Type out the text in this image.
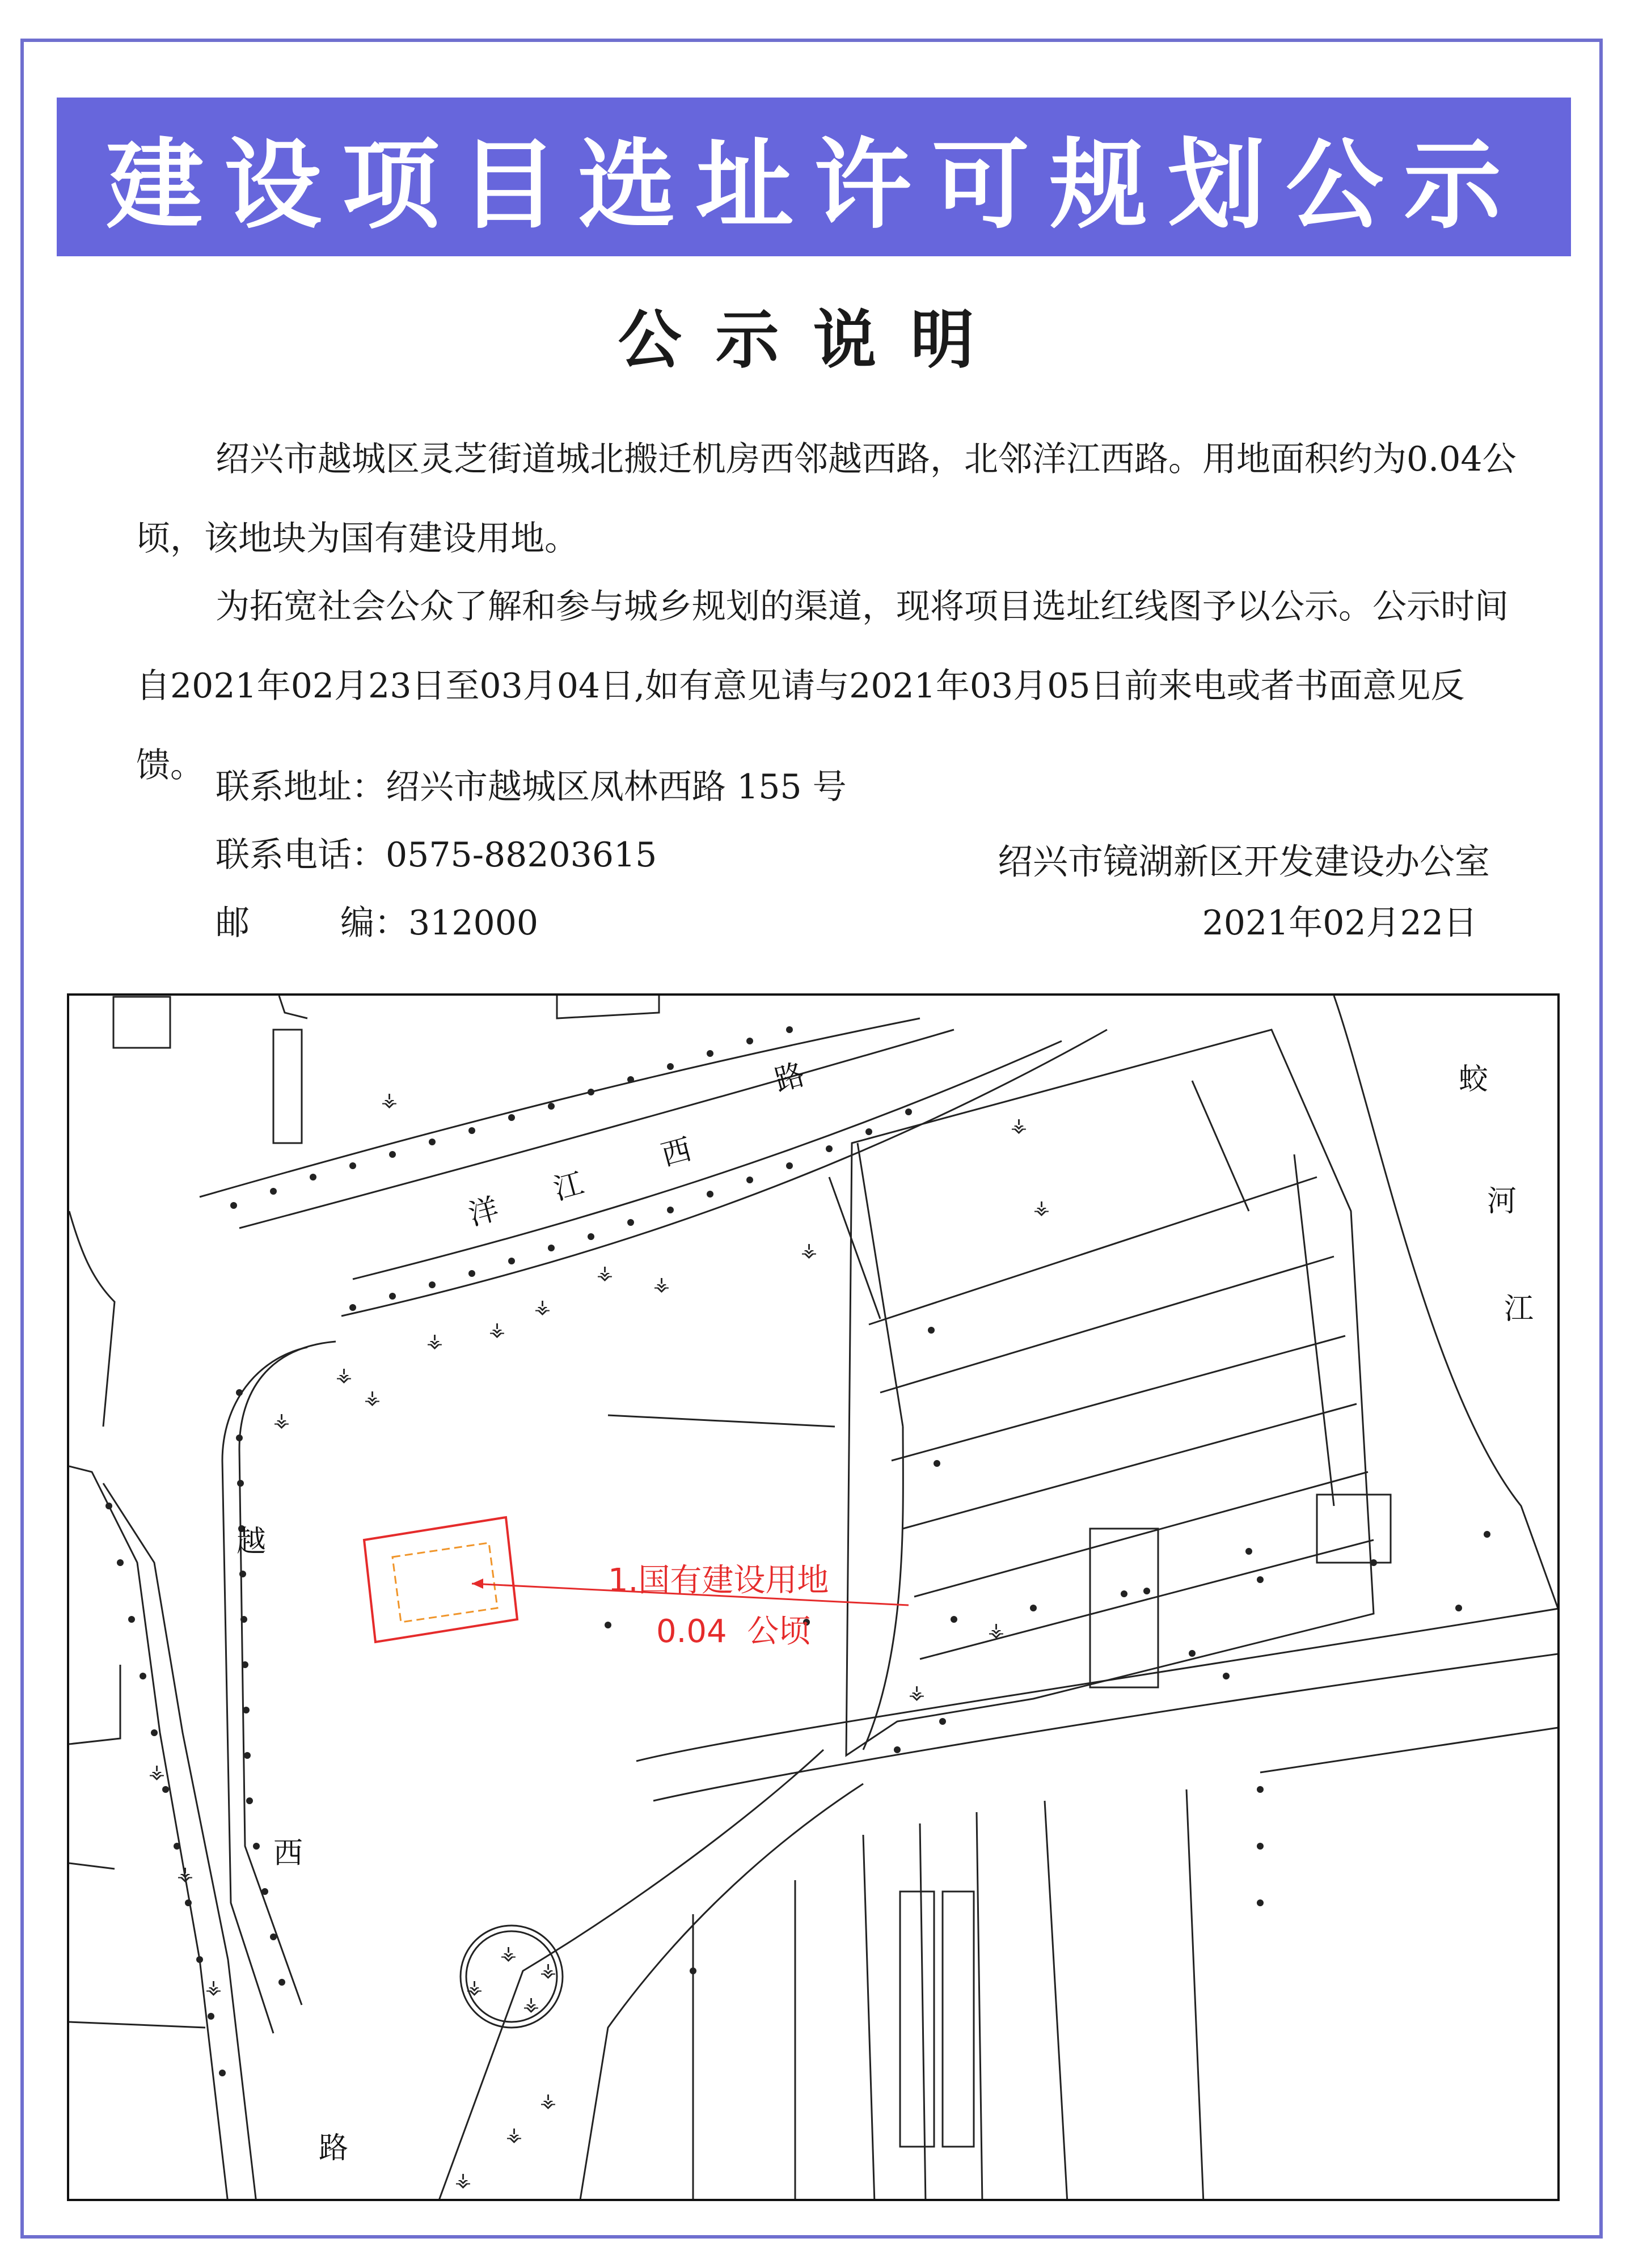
建设项目选址许可规划公示
公示说明

绍兴市越城区灵芝街道城北搬迁机房西邻越西路，北邻洋江西路。用地面积约为0.04公顷，该地块为国有建设用地。

为拓宽社会公众了解和参与城乡规划的渠道，现将项目选址红线图予以公示。公示时间自2021年02月23日至03月04日,如有意见请与2021年03月05日前来电或者书面意见反馈。

联系地址：绍兴市越城区凤林西路 155 号
联系电话：0575-88203615
邮	编：312000
绍兴市镜湖新区开发建设办公室
2021年02月22日
⚶
⚶
⚶
⚶ ⚶
⚶
⚶
⚶
⚶
⚶
⚶
⚶
⚶
⚶
⚶
⚶
⚶
⚶
⚶
⚶
⚶
⚶
⚶
⚶
洋
江
西
路
越
西
路
蛟
河
江
1.国有建设用地
0.04  公顷
